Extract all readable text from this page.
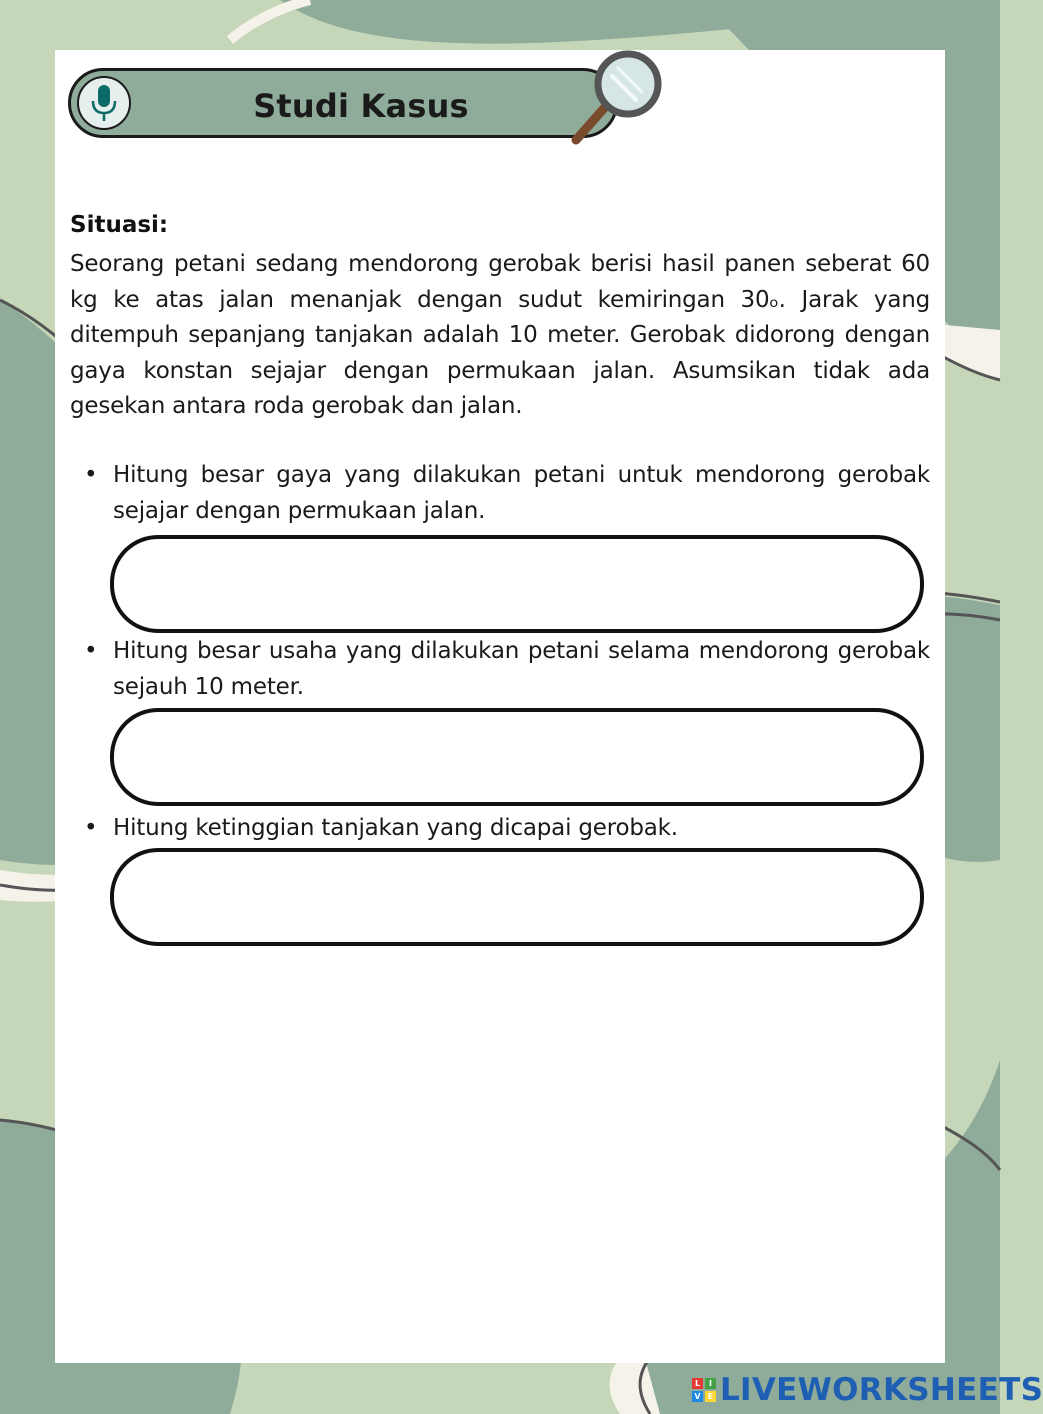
Studi Kasus
Situasi:

Seorang petani sedang mendorong gerobak berisi hasil panen seberat 60 kg ke atas jalan menanjak dengan sudut kemiringan 30ₒ. Jarak yang ditempuh sepanjang tanjakan adalah 10 meter. Gerobak didorong dengan gaya konstan sejajar dengan permukaan jalan. Asumsikan tidak ada gesekan antara roda gerobak dan jalan.

• Hitung besar gaya yang dilakukan petani untuk mendorong gerobak sejajar dengan permukaan jalan.
• Hitung besar usaha yang dilakukan petani selama mendorong gerobak sejauh 10 meter.
• Hitung ketinggian tanjakan yang dicapai gerobak.
L	I
V E LIVEWORKSHEETS
